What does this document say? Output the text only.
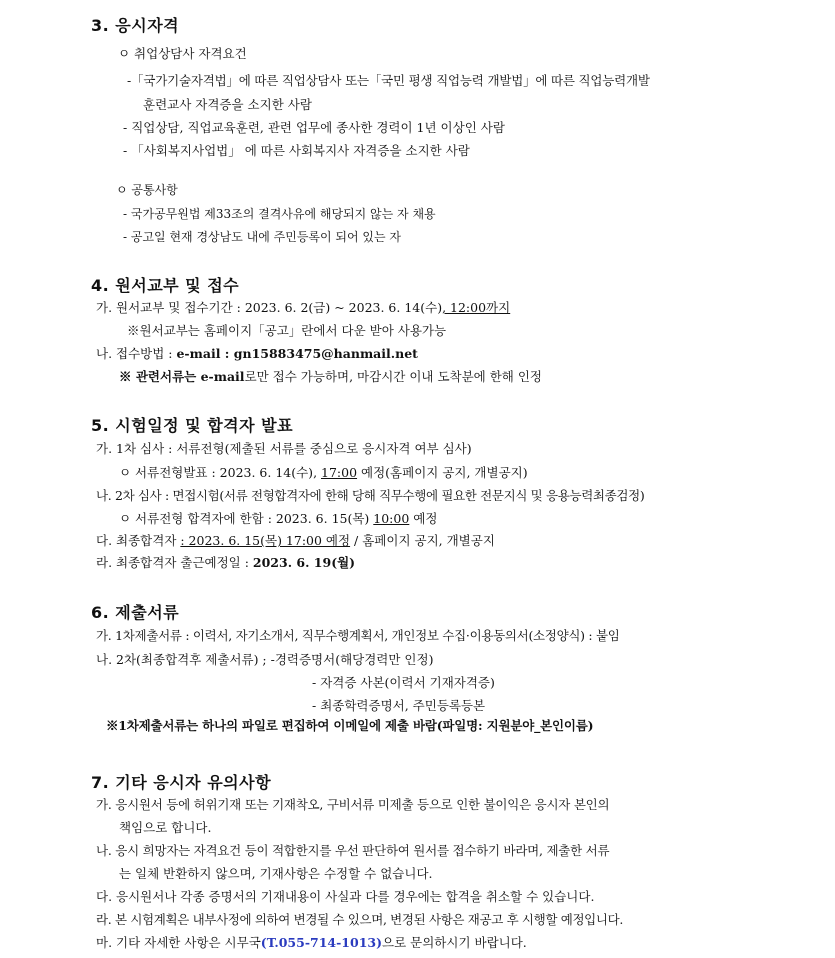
3. 응시자격
ㅇ 취업상담사 자격요건
-「국가기술자격법」에 따른 직업상담사 또는「국민 평생 직업능력 개발법」에 따른 직업능력개발
훈련교사 자격증을 소지한 사람
- 직업상담, 직업교육훈련, 관련 업무에 종사한 경력이 1년 이상인 사람
- 「사회복지사업법」 에 따른 사회복지사 자격증을 소지한 사람
ㅇ 공통사항
- 국가공무원법 제33조의 결격사유에 해당되지 않는 자 채용
- 공고일 현재 경상남도 내에 주민등록이 되어 있는 자
4. 원서교부 및 접수
가. 원서교부 및 접수기간 : 2023. 6. 2(금) ~ 2023. 6. 14(수), 12:00까지
※원서교부는 홈페이지「공고」란에서 다운 받아 사용가능
나. 접수방법 : e-mail : gn15883475@hanmail.net
※ 관련서류는 e-mail로만 접수 가능하며, 마감시간 이내 도착분에 한해 인정
5. 시험일정 및 합격자 발표
가. 1차 심사 : 서류전형(제출된 서류를 중심으로 응시자격 여부 심사)
ㅇ 서류전형발표 : 2023. 6. 14(수), 17:00 예정(홈페이지 공지, 개별공지)
나. 2차 심사 : 면접시험(서류 전형합격자에 한해 당해 직무수행에 필요한 전문지식 및 응용능력최종검정)
ㅇ 서류전형 합격자에 한함 : 2023. 6. 15(목) 10:00 예정
다. 최종합격자 : 2023. 6. 15(목) 17:00 예정 / 홈페이지 공지, 개별공지
라. 최종합격자 출근예정일 : 2023. 6. 19(월)
6. 제출서류
가. 1차제출서류 : 이력서, 자기소개서, 직무수행계획서, 개인정보 수집·이용동의서(소정양식) : 붙임
나. 2차(최종합격후 제출서류) ; -경력증명서(해당경력만 인정)
- 자격증 사본(이력서 기재자격증)
- 최종학력증명서, 주민등록등본
※1차제출서류는 하나의 파일로 편집하여 이메일에 제출 바람(파일명: 지원분야_본인이름)
7. 기타 응시자 유의사항
가. 응시원서 등에 허위기재 또는 기재착오, 구비서류 미제출 등으로 인한 불이익은 응시자 본인의
책임으로 합니다.
나. 응시 희망자는 자격요건 등이 적합한지를 우선 판단하여 원서를 접수하기 바라며, 제출한 서류
는 일체 반환하지 않으며, 기재사항은 수정할 수 없습니다.
다. 응시원서나 각종 증명서의 기재내용이 사실과 다를 경우에는 합격을 취소할 수 있습니다.
라. 본 시험계획은 내부사정에 의하여 변경될 수 있으며, 변경된 사항은 재공고 후 시행할 예정입니다.
마. 기타 자세한 사항은 시무국(T.055-714-1013)으로 문의하시기 바랍니다.
